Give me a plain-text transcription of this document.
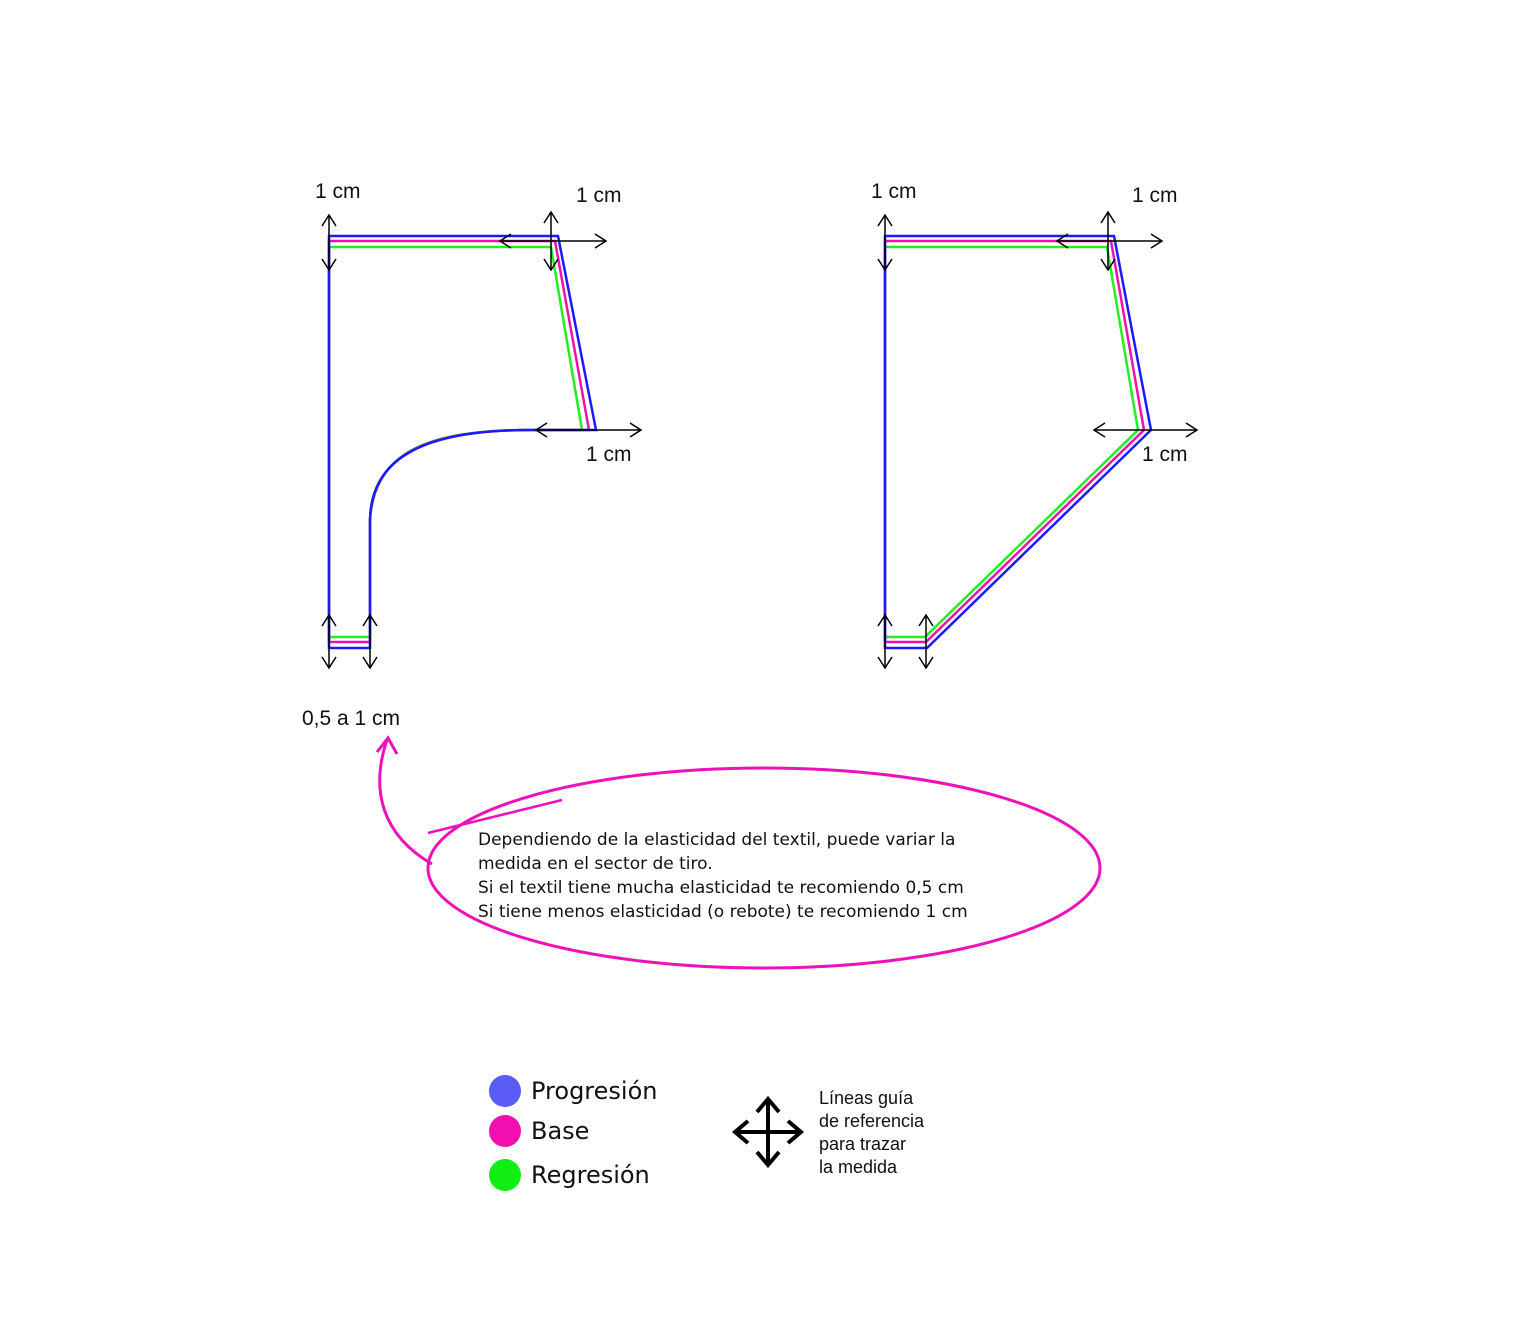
1 cm	1 cm
1 cm
0,5 a 1 cm
1 cm	1 cm
1 cm
Dependiendo de la elasticidad del textil, puede variar la
medida en el sector de tiro.
Si el textil tiene mucha elasticidad te recomiendo 0,5 cm
Si tiene menos elasticidad (o rebote) te recomiendo 1 cm
Progresión
Base
Regresión
Líneas guía
de referencia
para trazar
la medida
